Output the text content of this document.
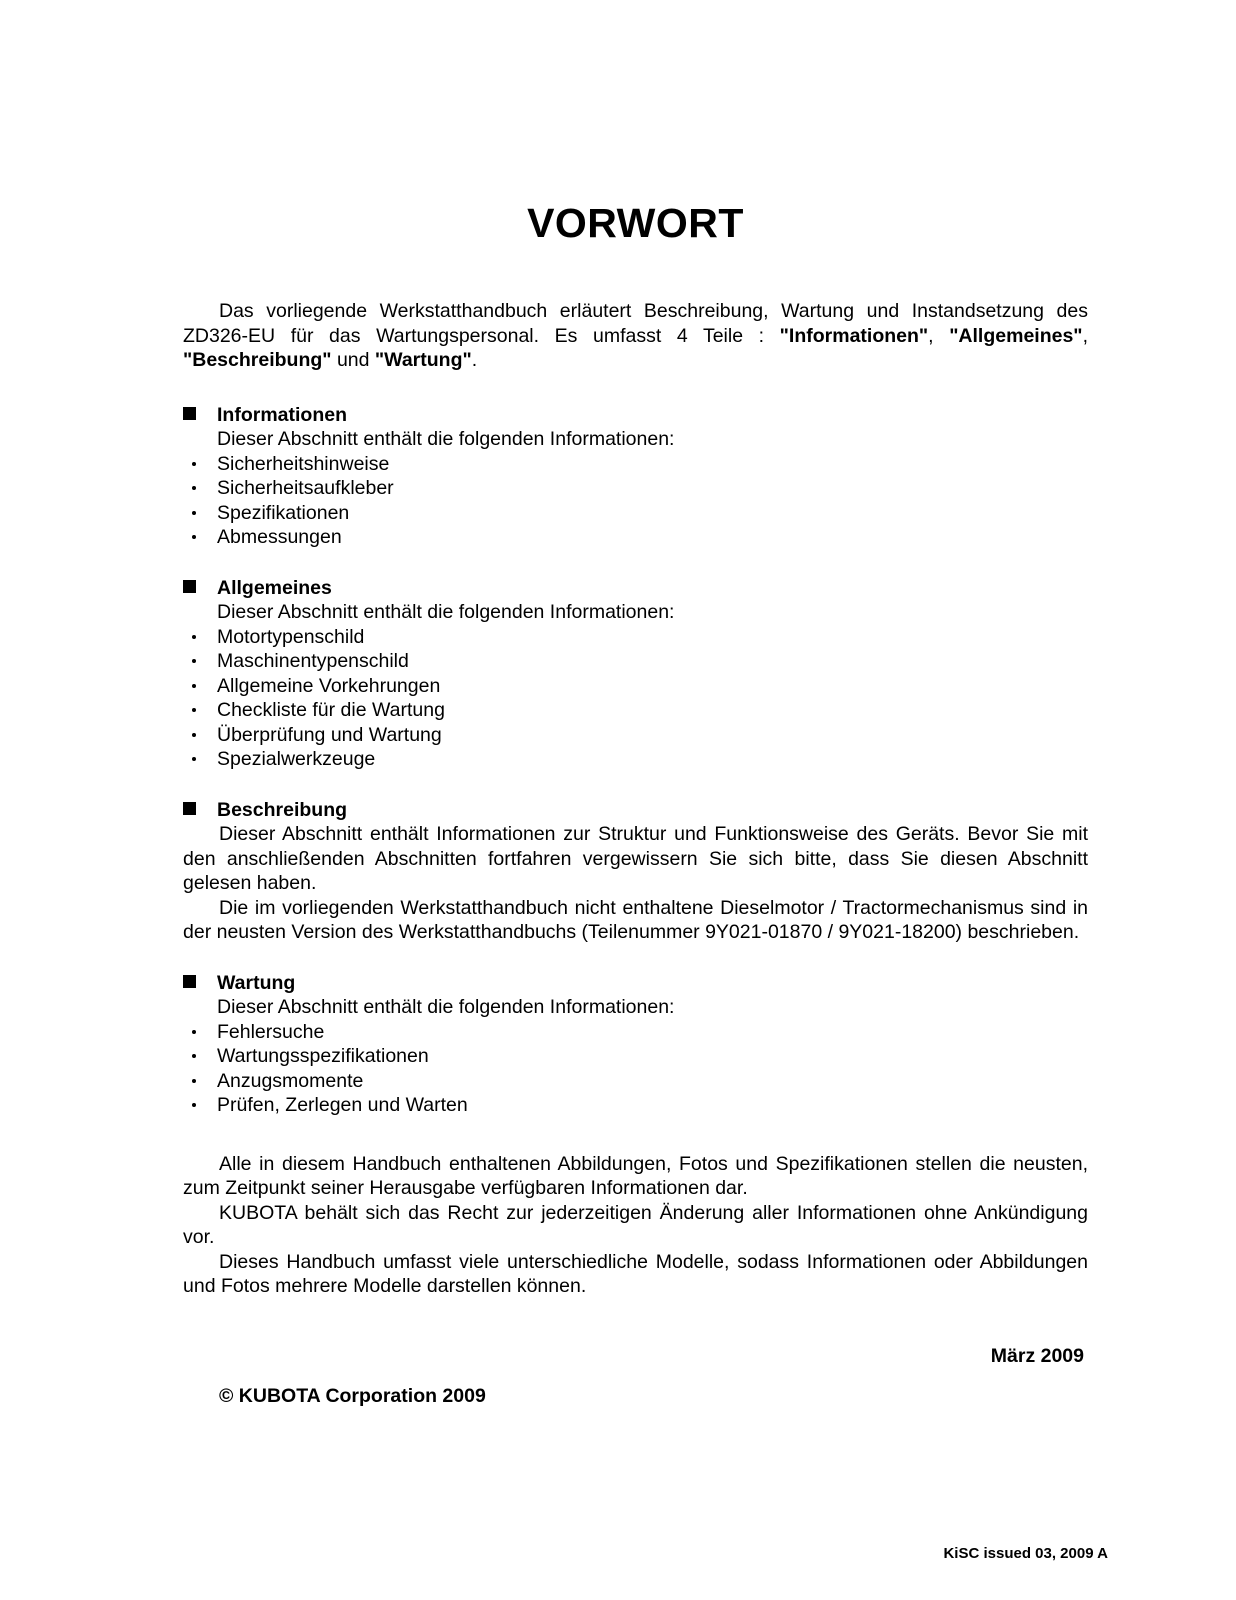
VORWORT

Das vorliegende Werkstatthandbuch erläutert Beschreibung, Wartung und Instandsetzung des ZD326-EU für das Wartungspersonal. Es umfasst 4 Teile : "Informationen", "Allgemeines", "Beschreibung" und "Wartung".

Informationen

Dieser Abschnitt enthält die folgenden Informationen:

Sicherheitshinweise
Sicherheitsaufkleber
Spezifikationen
Abmessungen
Allgemeines

Dieser Abschnitt enthält die folgenden Informationen:

Motortypenschild
Maschinentypenschild
Allgemeine Vorkehrungen
Checkliste für die Wartung
Überprüfung und Wartung
Spezialwerkzeuge
Beschreibung

Dieser Abschnitt enthält Informationen zur Struktur und Funktionsweise des Geräts. Bevor Sie mit den anschließenden Abschnitten fortfahren vergewissern Sie sich bitte, dass Sie diesen Abschnitt gelesen haben.

Die im vorliegenden Werkstatthandbuch nicht enthaltene Dieselmotor / Tractormechanismus sind in der neusten Version des Werkstatthandbuchs (Teilenummer 9Y021-01870 / 9Y021-18200) beschrieben.

Wartung

Dieser Abschnitt enthält die folgenden Informationen:

Fehlersuche
Wartungsspezifikationen
Anzugsmomente
Prüfen, Zerlegen und Warten

Alle in diesem Handbuch enthaltenen Abbildungen, Fotos und Spezifikationen stellen die neusten, zum Zeitpunkt seiner Herausgabe verfügbaren Informationen dar.

KUBOTA behält sich das Recht zur jederzeitigen Änderung aller Informationen ohne Ankündigung vor.

Dieses Handbuch umfasst viele unterschiedliche Modelle, sodass Informationen oder Abbildungen und Fotos mehrere Modelle darstellen können.

März 2009

© KUBOTA Corporation 2009

KiSC issued 03, 2009 A
